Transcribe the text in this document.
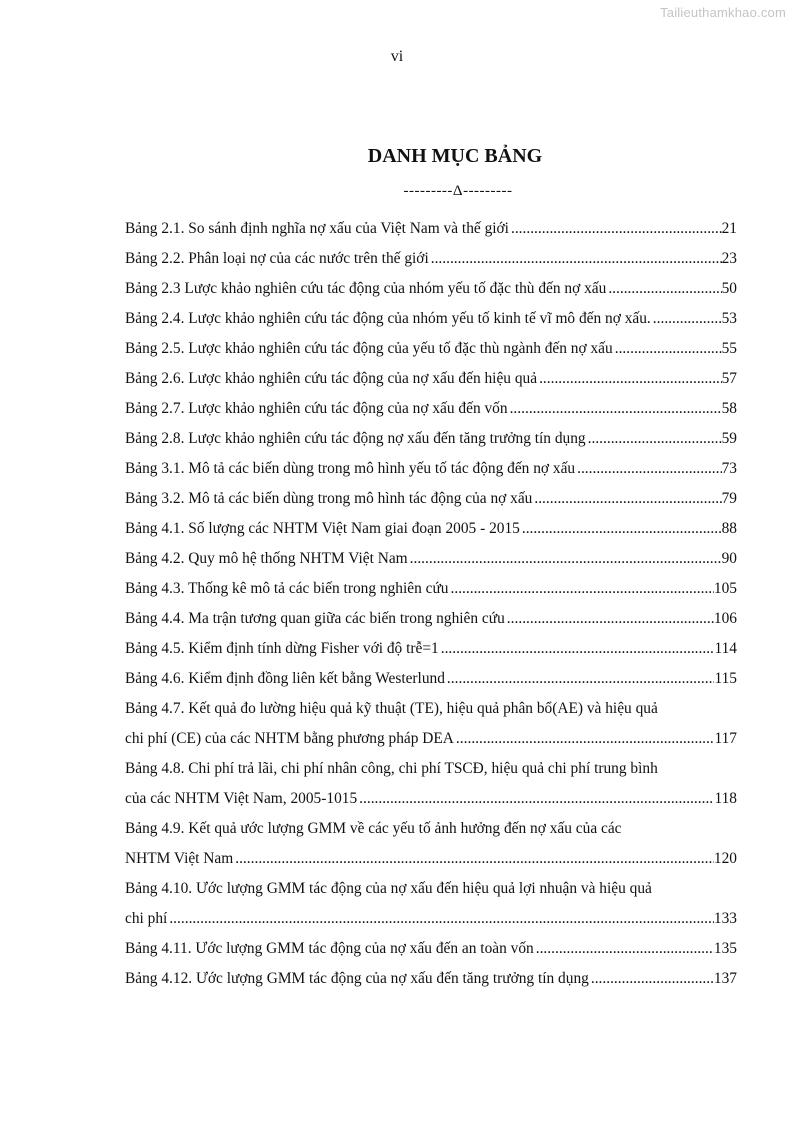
Tailieuthamkhao.com
vi
DANH MỤC BẢNG
---------Δ---------
Bảng 2.1. So sánh định nghĩa nợ xấu của Việt Nam và thế giới .....	21
Bảng 2.2. Phân loại nợ của các nước trên thế giới .....	23
Bảng 2.3 Lược khảo nghiên cứu tác động của nhóm yếu tố đặc thù đến nợ xấu .....	50
Bảng 2.4. Lược khảo nghiên cứu tác động của nhóm yếu tố kinh tế vĩ mô đến nợ xấu. .....	53
Bảng 2.5. Lược khảo nghiên cứu tác động của yếu tố đặc thù ngành đến nợ xấu .....	55
Bảng 2.6. Lược khảo nghiên cứu tác động của nợ xấu đến hiệu quả .....	57
Bảng 2.7. Lược khảo nghiên cứu tác động của nợ xấu đến vốn .....	58
Bảng 2.8. Lược khảo nghiên cứu tác động nợ xấu đến tăng trưởng tín dụng .....	59
Bảng 3.1. Mô tả các biến dùng trong mô hình yếu tố tác động đến nợ xấu .....	73
Bảng 3.2. Mô tả các biến dùng trong mô hình tác động của nợ xấu .....	79
Bảng 4.1. Số lượng các NHTM Việt Nam giai đoạn 2005 - 2015 .....	88
Bảng 4.2. Quy mô hệ thống NHTM Việt Nam .....	90
Bảng 4.3. Thống kê mô tả các biến trong nghiên cứu .....	105
Bảng 4.4. Ma trận tương quan giữa các biến trong nghiên cứu .....	106
Bảng 4.5. Kiểm định tính dừng Fisher với độ trễ=1 .....	114
Bảng 4.6. Kiểm định đồng liên kết bằng Westerlund .....	115
Bảng 4.7. Kết quả đo lường hiệu quả kỹ thuật (TE), hiệu quả phân bổ(AE) và hiệu quả
chi phí (CE) của các NHTM bằng phương pháp DEA .....	117
Bảng 4.8. Chi phí trả lãi, chi phí nhân công, chi phí TSCĐ, hiệu quả chi phí trung bình
của các NHTM Việt Nam, 2005-1015 .....	118
Bảng 4.9. Kết quả ước lượng GMM về các yếu tố ảnh hưởng đến nợ xấu của các
NHTM Việt Nam .....	120
Bảng 4.10. Ước lượng GMM tác động của nợ xấu đến hiệu quả lợi nhuận và hiệu quả
chi phí .....	133
Bảng 4.11. Ước lượng GMM tác động của nợ xấu đến an toàn vốn .....	135
Bảng 4.12. Ước lượng GMM tác động của nợ xấu đến tăng trưởng tín dụng .....	137
